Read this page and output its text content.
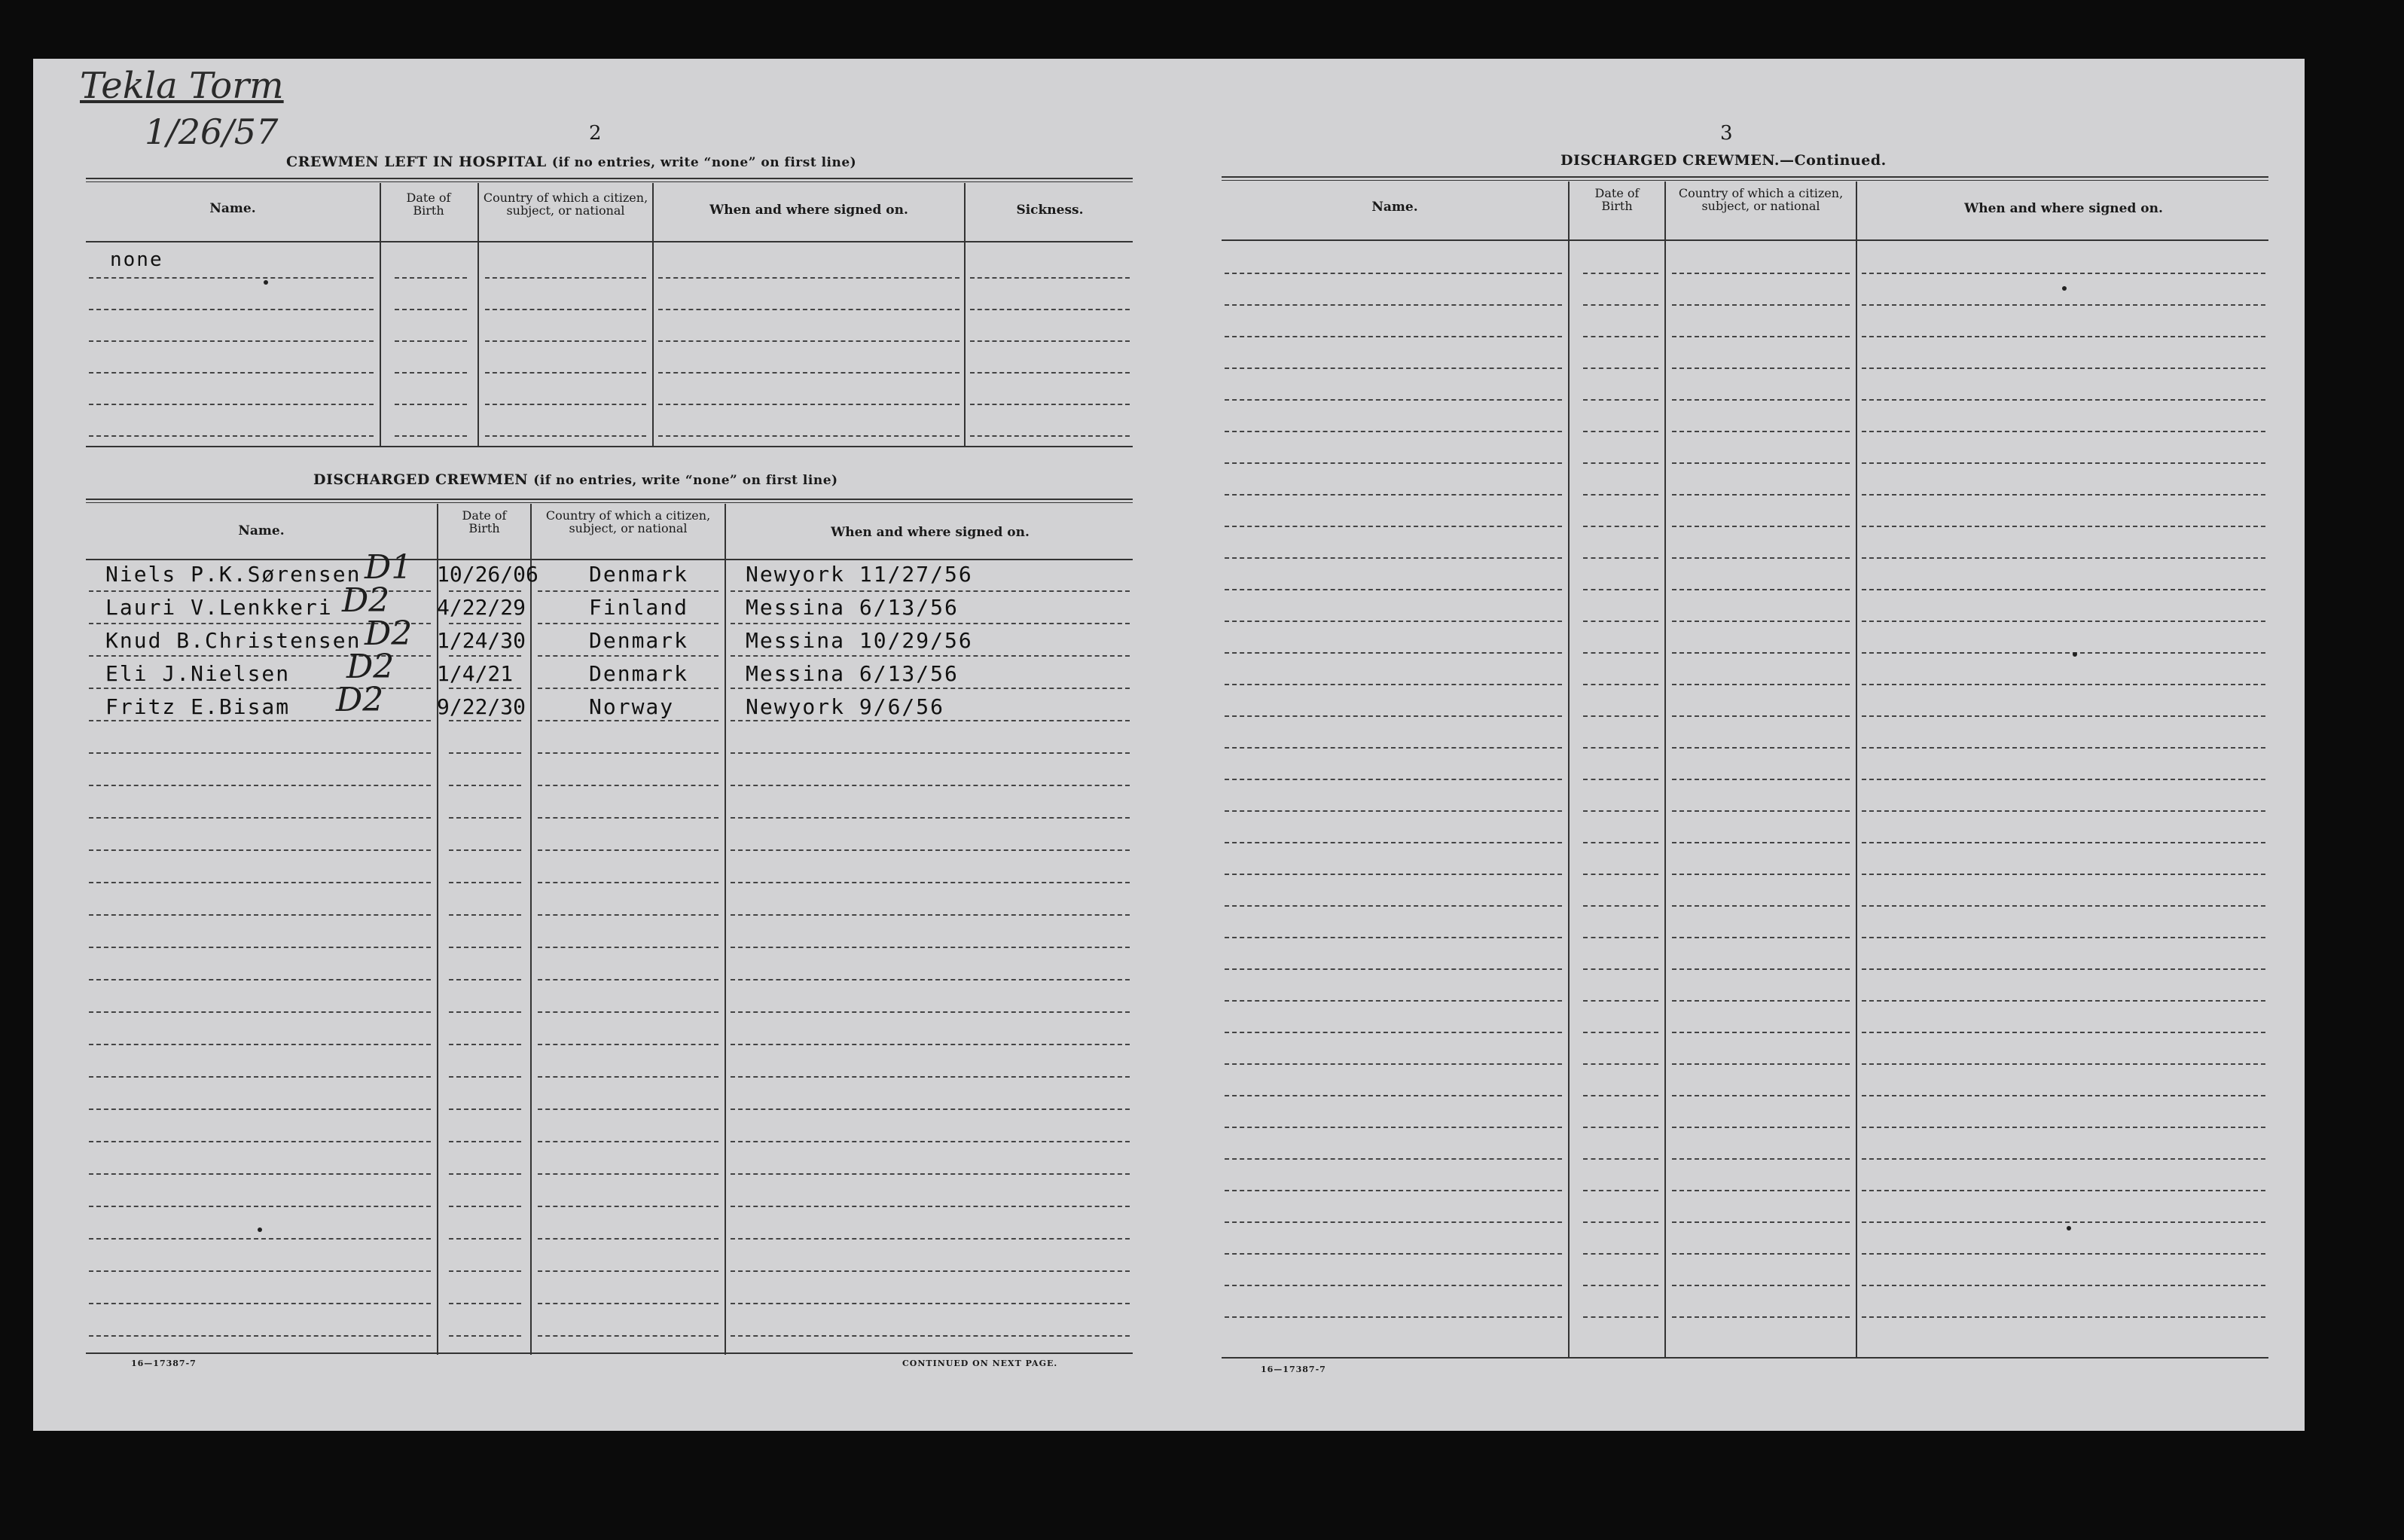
Tekla Torm
1/26/57	2
CREWMEN LEFT IN HOSPITAL (if no entries, write “none” on first line)
Name.
Date of Birth
Country of which a citizen, subject, or national	When and where signed on.	Sickness.
none
DISCHARGED CREWMEN (if no entries, write “none” on first line)
Name.
Date of Birth
Country of which a citizen, subject, or national	When and where signed on.
Niels P.K.Sørensen D1 10/26/06 Denmark	Newyork 11/27/56
Lauri V.Lenkkeri D2 4/22/29	Finland	Messina 6/13/56
Knud B.Christensen D2 1/24/30	Denmark	Messina 10/29/56
Eli J.Nielsen D2 1/4/21	Denmark	Messina 6/13/56
Fritz E.Bisam D2	9/22/30	Norway	Newyork 9/6/56
16—17387-7	CONTINUED ON NEXT PAGE.
3
DISCHARGED CREWMEN.—Continued.
Name.
Date of Birth
Country of which a citizen, subject, or national	When and where signed on.
16—17387-7
